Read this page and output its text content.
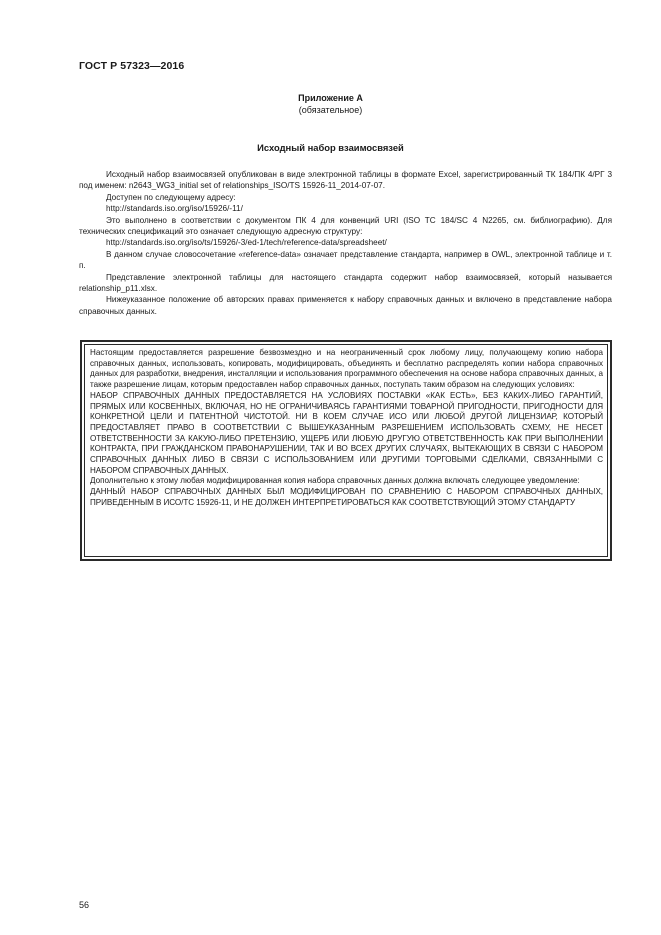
ГОСТ Р 57323—2016
Приложение А
(обязательное)
Исходный набор взаимосвязей

Исходный набор взаимосвязей опубликован в виде электронной таблицы в формате Excel, зарегистрированный ТК 184/ПК 4/РГ 3 под именем: n2643_WG3_initial set of relationships_ISO/TS 15926-11_2014-07-07.

Доступен по следующему адресу:

http://standards.iso.org/iso/15926/-11/

Это выполнено в соответствии с документом ПК 4 для конвенций URI (ISO TC 184/SC 4 N2265, см. библиографию). Для технических спецификаций это означает следующую адресную структуру:

http://standards.iso.org/iso/ts/15926/-3/ed-1/tech/reference-data/spreadsheet/

В данном случае словосочетание «reference-data» означает представление стандарта, например в OWL, электронной таблице и т. п.

Представление электронной таблицы для настоящего стандарта содержит набор взаимосвязей, который называется relationship_p11.xlsx.

Нижеуказанное положение об авторских правах применяется к набору справочных данных и включено в представление набора справочных данных.

Настоящим предоставляется разрешение безвозмездно и на неограниченный срок любому лицу, получающему копию набора справочных данных, использовать, копировать, модифицировать, объединять и бесплатно распределять копии набора справочных данных для разработки, внедрения, инсталляции и использования программного обеспечения на основе набора справочных данных, а также разрешение лицам, которым предоставлен набор справочных данных, поступать таким образом на следующих условиях:

НАБОР СПРАВОЧНЫХ ДАННЫХ ПРЕДОСТАВЛЯЕТСЯ НА УСЛОВИЯХ ПОСТАВКИ «КАК ЕСТЬ», БЕЗ КАКИХ-ЛИБО ГАРАНТИЙ, ПРЯМЫХ ИЛИ КОСВЕННЫХ, ВКЛЮЧАЯ, НО НЕ ОГРАНИЧИВАЯСЬ ГАРАНТИЯМИ ТОВАРНОЙ ПРИГОДНОСТИ, ПРИГОДНОСТИ ДЛЯ КОНКРЕТНОЙ ЦЕЛИ И ПАТЕНТНОЙ ЧИСТОТОЙ. НИ В КОЕМ СЛУЧАЕ ИСО ИЛИ ЛЮБОЙ ДРУГОЙ ЛИЦЕНЗИАР, КОТОРЫЙ ПРЕДОСТАВЛЯЕТ ПРАВО В СООТВЕТСТВИИ С ВЫШЕУКАЗАННЫМ РАЗРЕШЕНИЕМ ИСПОЛЬЗОВАТЬ СХЕМУ, НЕ НЕСЕТ ОТВЕТСТВЕННОСТИ ЗА КАКУЮ-ЛИБО ПРЕТЕНЗИЮ, УЩЕРБ ИЛИ ЛЮБУЮ ДРУГУЮ ОТВЕТСТВЕННОСТЬ КАК ПРИ ВЫПОЛНЕНИИ КОНТРАКТА, ПРИ ГРАЖДАНСКОМ ПРАВОНАРУШЕНИИ, ТАК И ВО ВСЕХ ДРУГИХ СЛУЧАЯХ, ВЫТЕКАЮЩИХ В СВЯЗИ С НАБОРОМ СПРАВОЧНЫХ ДАННЫХ ЛИБО В СВЯЗИ С ИСПОЛЬЗОВАНИЕМ ИЛИ ДРУГИМИ ТОРГОВЫМИ СДЕЛКАМИ, СВЯЗАННЫМИ С НАБОРОМ СПРАВОЧНЫХ ДАННЫХ.

Дополнительно к этому любая модифицированная копия набора справочных данных должна включать следующее уведомление:

ДАННЫЙ НАБОР СПРАВОЧНЫХ ДАННЫХ БЫЛ МОДИФИЦИРОВАН ПО СРАВНЕНИЮ С НАБОРОМ СПРАВОЧНЫХ ДАННЫХ, ПРИВЕДЕННЫМ В ИСО/ТС 15926-11, И НЕ ДОЛЖЕН ИНТЕРПРЕТИРОВАТЬСЯ КАК СООТВЕТСТВУЮЩИЙ ЭТОМУ СТАНДАРТУ

56
